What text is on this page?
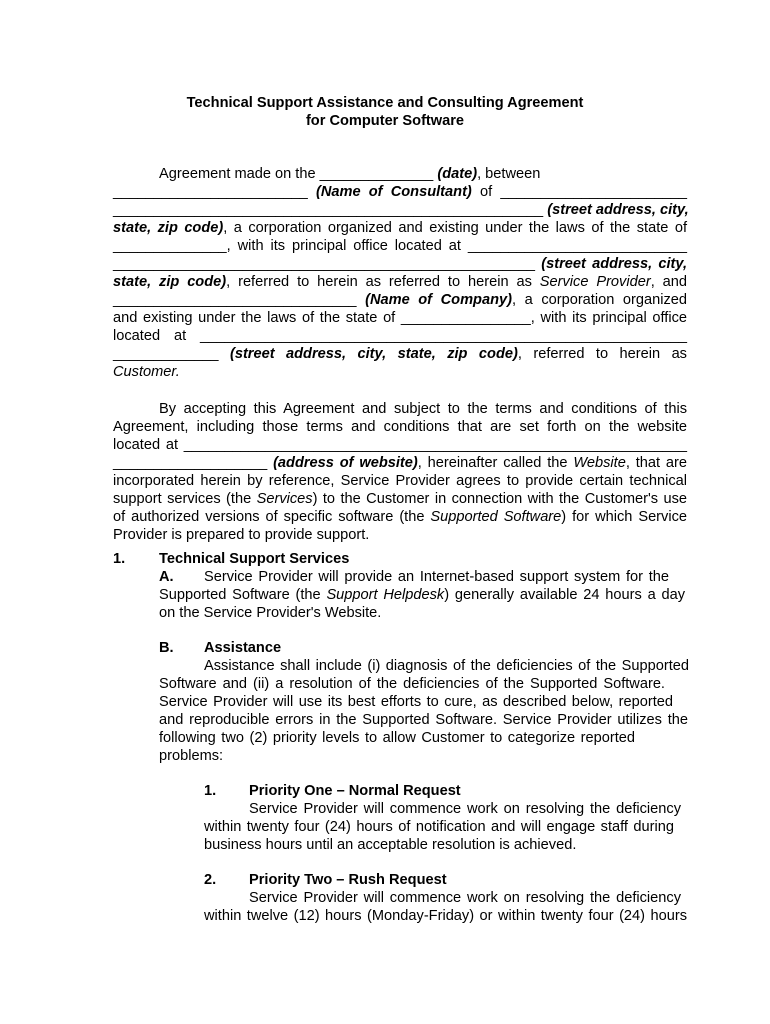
Technical Support Assistance and Consulting Agreement
for Computer Software
Agreement made on the ______________ (date), between
________________________ (Name of Consultant) of _______________________
_____________________________________________________ (street address, city,
state, zip code), a corporation organized and existing under the laws of the state of
______________, with its principal office located at ___________________________
____________________________________________________ (street address, city,
state, zip code), referred to herein as referred to herein as Service Provider, and
______________________________ (Name of Company), a corporation organized
and existing under the laws of the state of ________________, with its principal office
located at ____________________________________________________________
_____________ (street address, city, state, zip code), referred to herein as
Customer.
By accepting this Agreement and subject to the terms and conditions of this
Agreement, including those terms and conditions that are set forth on the website
located at ______________________________________________________________
___________________ (address of website), hereinafter called the Website, that are
incorporated herein by reference, Service Provider agrees to provide certain technical
support services (the Services) to the Customer in connection with the Customer's use
of authorized versions of specific software (the Supported Software) for which Service
Provider is prepared to provide support.
1. Technical Support Services
A. Service Provider will provide an Internet-based support system for the
Supported Software (the Support Helpdesk) generally available 24 hours a day
on the Service Provider's Website.
B. Assistance
Assistance shall include (i) diagnosis of the deficiencies of the Supported
Software and (ii) a resolution of the deficiencies of the Supported Software.
Service Provider will use its best efforts to cure, as described below, reported
and reproducible errors in the Supported Software. Service Provider utilizes the
following two (2) priority levels to allow Customer to categorize reported
problems:
1. Priority One – Normal Request
Service Provider will commence work on resolving the deficiency
within twenty four (24) hours of notification and will engage staff during
business hours until an acceptable resolution is achieved.
2. Priority Two – Rush Request
Service Provider will commence work on resolving the deficiency
within twelve (12) hours (Monday-Friday) or within twenty four (24) hours
